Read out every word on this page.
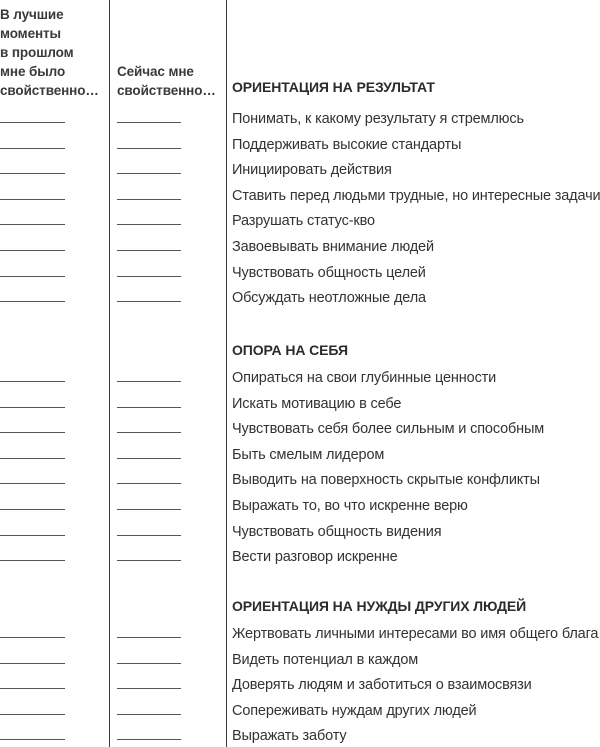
В лучшие
моменты
в прошлом
мне было
свойственно…
Сейчас мне
свойственно… ОРИЕНТАЦИЯ НА РЕЗУЛЬТАТ
Понимать, к какому результату я стремлюсь
Поддерживать высокие стандарты
Инициировать действия
Ставить перед людьми трудные, но интересные задачи
Разрушать статус-кво
Завоевывать внимание людей
Чувствовать общность целей
Обсуждать неотложные дела
ОПОРА НА СЕБЯ
Опираться на свои глубинные ценности
Искать мотивацию в себе
Чувствовать себя более сильным и способным
Быть смелым лидером
Выводить на поверхность скрытые конфликты
Выражать то, во что искренне верю
Чувствовать общность видения
Вести разговор искренне
ОРИЕНТАЦИЯ НА НУЖДЫ ДРУГИХ ЛЮДЕЙ
Жертвовать личными интересами во имя общего блага
Видеть потенциал в каждом
Доверять людям и заботиться о взаимосвязи
Сопереживать нуждам других людей
Выражать заботу
